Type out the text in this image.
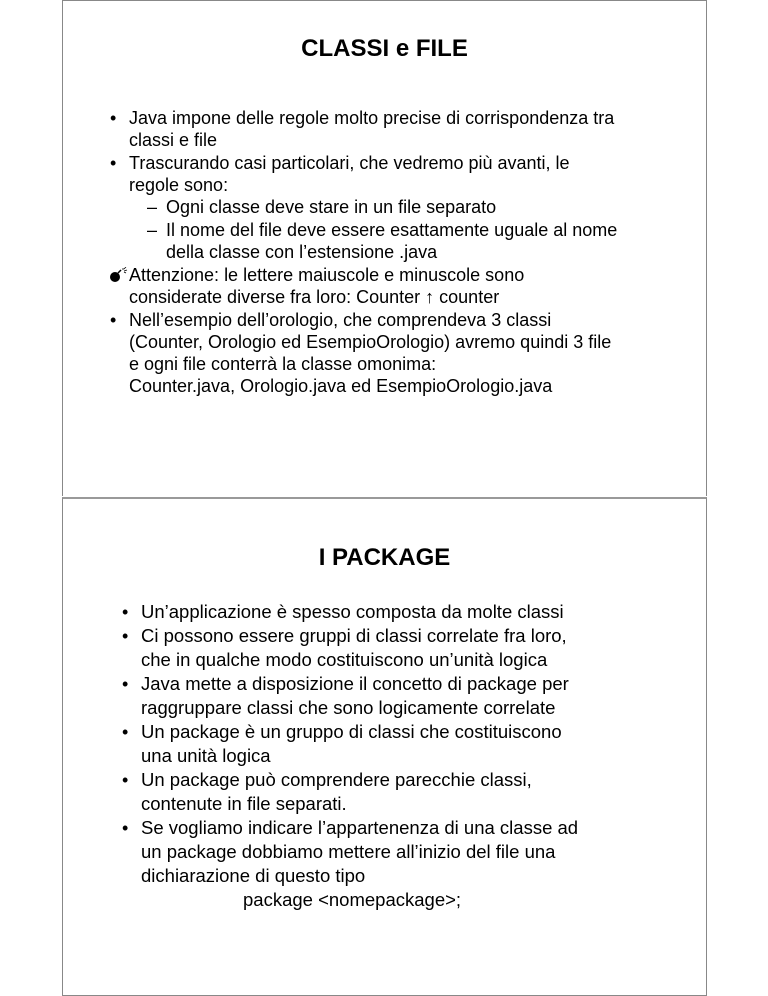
CLASSI e FILE
• Java impone delle regole molto precise di corrispondenza tra
classi e file
• Trascurando casi particolari, che vedremo più avanti, le
regole sono:
– Ogni classe deve stare in un file separato
– Il nome del file deve essere esattamente uguale al nome
della classe con l’estensione .java
Attenzione: le lettere maiuscole e minuscole sono
considerate diverse fra loro: Counter ↑ counter
• Nell’esempio dell’orologio, che comprendeva 3 classi
(Counter, Orologio ed EsempioOrologio) avremo quindi 3 file
e ogni file conterrà la classe omonima:
Counter.java, Orologio.java ed EsempioOrologio.java
I PACKAGE
• Un’applicazione è spesso composta da molte classi
• Ci possono essere gruppi di classi correlate fra loro,
che in qualche modo costituiscono un’unità logica
• Java mette a disposizione il concetto di package per
raggruppare classi che sono logicamente correlate
• Un package è un gruppo di classi che costituiscono
una unità logica
• Un package può comprendere parecchie classi,
contenute in file separati.
• Se vogliamo indicare l’appartenenza di una classe ad
un package dobbiamo mettere all’inizio del file una
dichiarazione di questo tipo
package <nomepackage>;
